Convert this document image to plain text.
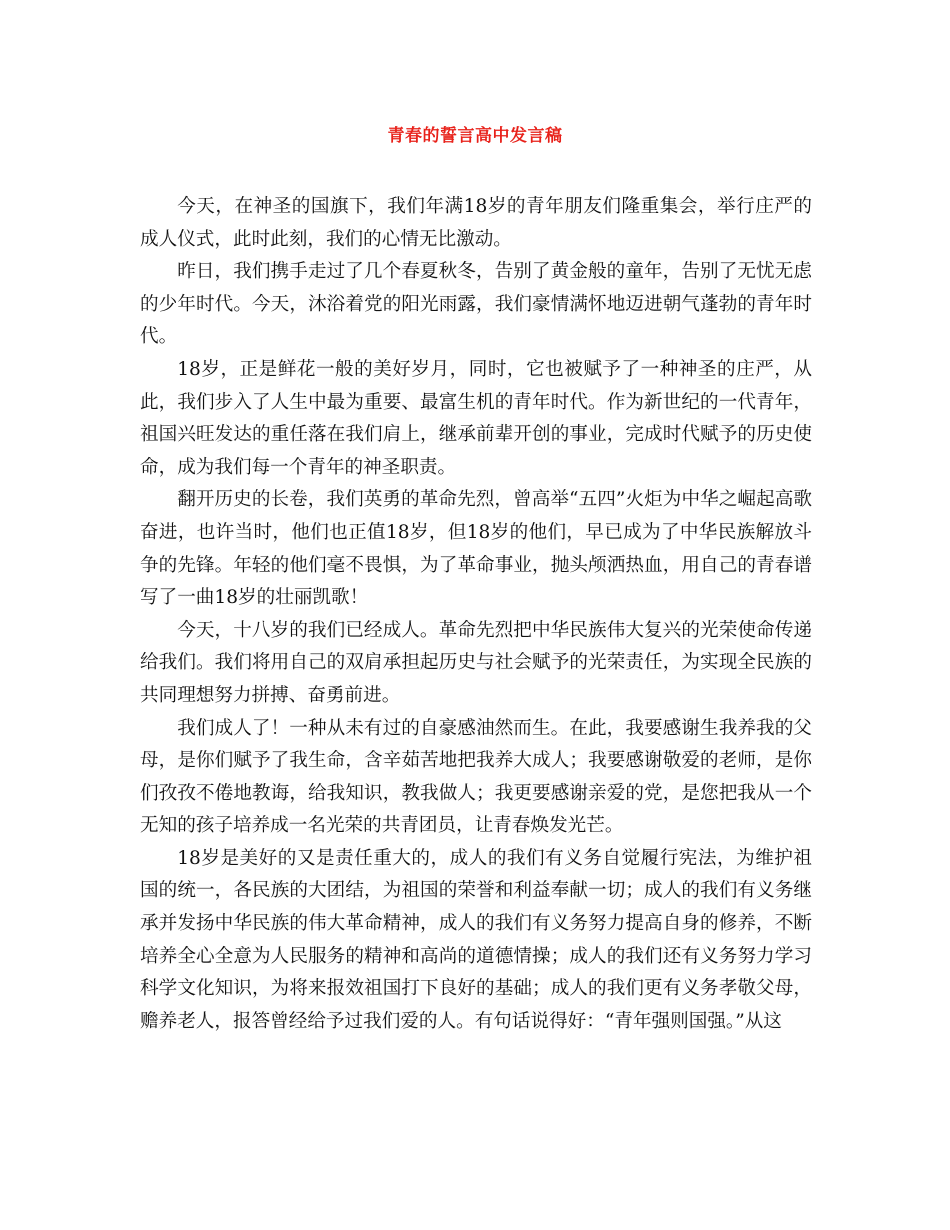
青春的誓言高中发言稿

今天，在神圣的国旗下，我们年满18岁的青年朋友们隆重集会，举行庄严的成人仪式，此时此刻，我们的心情无比激动。

昨日，我们携手走过了几个春夏秋冬，告别了黄金般的童年，告别了无忧无虑的少年时代。今天，沐浴着党的阳光雨露，我们豪情满怀地迈进朝气蓬勃的青年时代。

18岁，正是鲜花一般的美好岁月，同时，它也被赋予了一种神圣的庄严，从此，我们步入了人生中最为重要、最富生机的青年时代。作为新世纪的一代青年，祖国兴旺发达的重任落在我们肩上，继承前辈开创的事业，完成时代赋予的历史使命，成为我们每一个青年的神圣职责。

翻开历史的长卷，我们英勇的革命先烈，曾高举“五四”火炬为中华之崛起高歌奋进，也许当时，他们也正值18岁，但18岁的他们，早已成为了中华民族解放斗争的先锋。年轻的他们毫不畏惧，为了革命事业，抛头颅洒热血，用自己的青春谱写了一曲18岁的壮丽凯歌！

今天，十八岁的我们已经成人。革命先烈把中华民族伟大复兴的光荣使命传递给我们。我们将用自己的双肩承担起历史与社会赋予的光荣责任，为实现全民族的共同理想努力拼搏、奋勇前进。

我们成人了！一种从未有过的自豪感油然而生。在此，我要感谢生我养我的父母，是你们赋予了我生命，含辛茹苦地把我养大成人；我要感谢敬爱的老师，是你们孜孜不倦地教诲，给我知识，教我做人；我更要感谢亲爱的党，是您把我从一个无知的孩子培养成一名光荣的共青团员，让青春焕发光芒。

18岁是美好的又是责任重大的，成人的我们有义务自觉履行宪法，为维护祖国的统一，各民族的大团结，为祖国的荣誉和利益奉献一切；成人的我们有义务继承并发扬中华民族的伟大革命精神，成人的我们有义务努力提高自身的修养，不断培养全心全意为人民服务的精神和高尚的道德情操；成人的我们还有义务努力学习科学文化知识，为将来报效祖国打下良好的基础；成人的我们更有义务孝敬父母，赡养老人，报答曾经给予过我们爱的人。有句话说得好：“青年强则国强。”从这
